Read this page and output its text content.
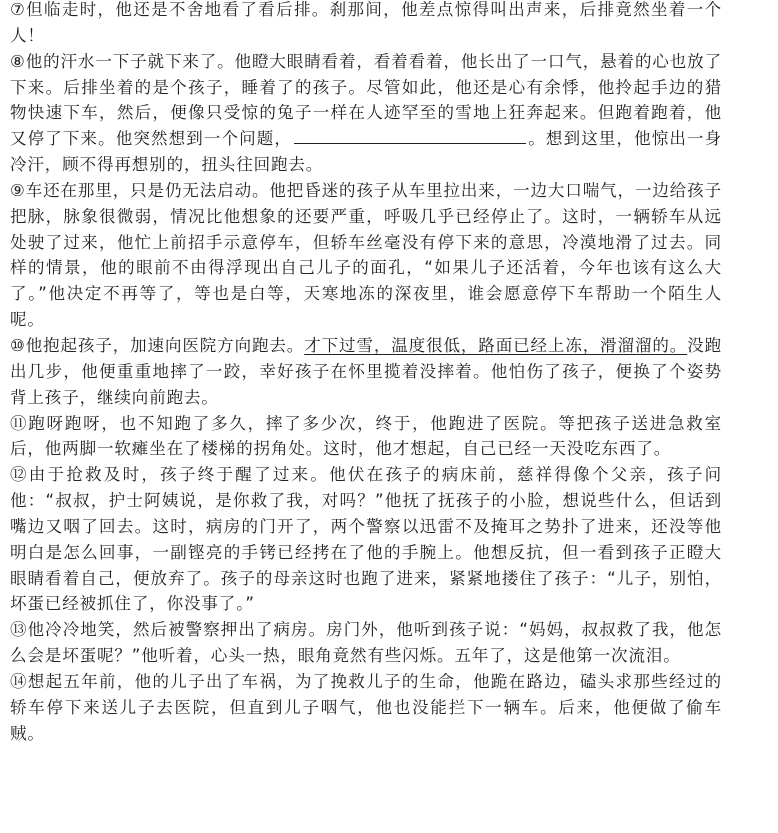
⑦但临走时，他还是不舍地看了看后排。刹那间，他差点惊得叫出声来，后排竟然坐着一个人！

⑧他的汗水一下子就下来了。他瞪大眼睛看着，看着看着，他长出了一口气，悬着的心也放了下来。后排坐着的是个孩子，睡着了的孩子。尽管如此，他还是心有余悸，他拎起手边的猎物快速下车，然后，便像只受惊的兔子一样在人迹罕至的雪地上狂奔起来。但跑着跑着，他又停了下来。他突然想到一个问题，	。想到这里，他惊出一身冷汗，顾不得再想别的，扭头往回跑去。

⑨车还在那里，只是仍无法启动。他把昏迷的孩子从车里拉出来，一边大口喘气，一边给孩子把脉，脉象很微弱，情况比他想象的还要严重，呼吸几乎已经停止了。这时，一辆轿车从远处驶了过来，他忙上前招手示意停车，但轿车丝毫没有停下来的意思，冷漠地滑了过去。同样的情景，他的眼前不由得浮现出自己儿子的面孔，“如果儿子还活着，今年也该有这么大了。”他决定不再等了，等也是白等，天寒地冻的深夜里，谁会愿意停下车帮助一个陌生人呢。

⑩他抱起孩子，加速向医院方向跑去。才下过雪，温度很低，路面已经上冻，滑溜溜的。没跑出几步，他便重重地摔了一跤，幸好孩子在怀里揽着没摔着。他怕伤了孩子，便换了个姿势背上孩子，继续向前跑去。

⑪跑呀跑呀，也不知跑了多久，摔了多少次，终于，他跑进了医院。等把孩子送进急救室后，他两脚一软瘫坐在了楼梯的拐角处。这时，他才想起，自己已经一天没吃东西了。

⑫由于抢救及时，孩子终于醒了过来。他伏在孩子的病床前，慈祥得像个父亲，孩子问他：“叔叔，护士阿姨说，是你救了我，对吗？”他抚了抚孩子的小脸，想说些什么，但话到嘴边又咽了回去。这时，病房的门开了，两个警察以迅雷不及掩耳之势扑了进来，还没等他明白是怎么回事，一副铿亮的手铐已经拷在了他的手腕上。他想反抗，但一看到孩子正瞪大眼睛看着自己，便放弃了。孩子的母亲这时也跑了进来，紧紧地搂住了孩子：“儿子，别怕，坏蛋已经被抓住了，你没事了。”

⑬他冷冷地笑，然后被警察押出了病房。房门外，他听到孩子说：“妈妈，叔叔救了我，他怎么会是坏蛋呢？”他听着，心头一热，眼角竟然有些闪烁。五年了，这是他第一次流泪。

⑭想起五年前，他的儿子出了车祸，为了挽救儿子的生命，他跪在路边，磕头求那些经过的轿车停下来送儿子去医院，但直到儿子咽气，他也没能拦下一辆车。后来，他便做了偷车贼。
